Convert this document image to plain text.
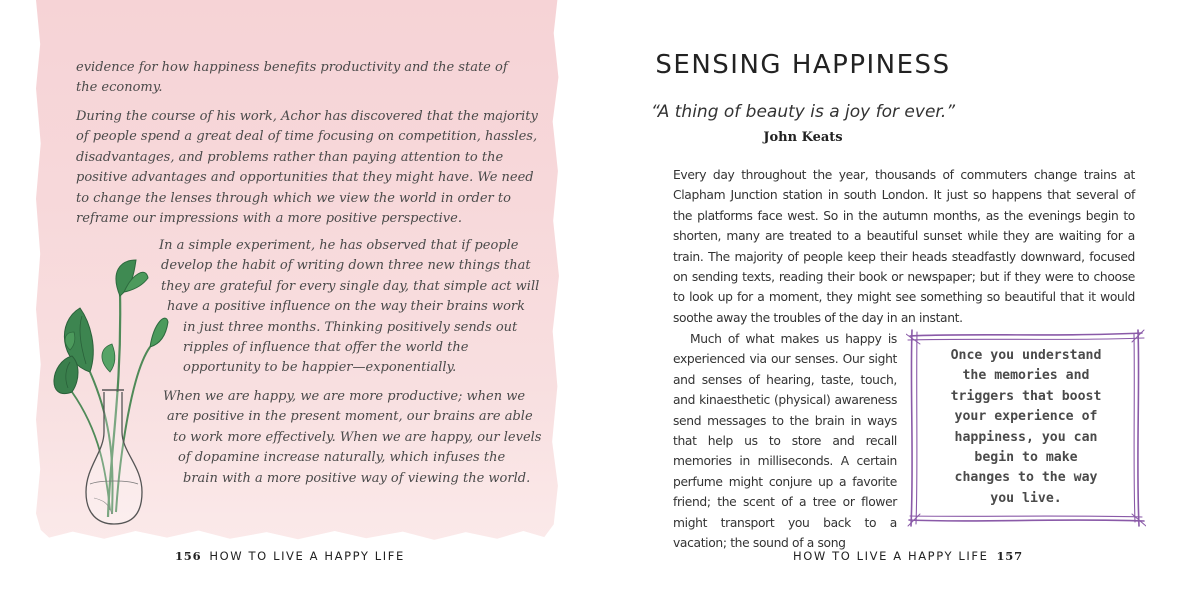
evidence for how happiness benefits productivity and the state of
the economy.
During the course of his work, Achor has discovered that the majority
of people spend a great deal of time focusing on competition, hassles,
disadvantages, and problems rather than paying attention to the
positive advantages and opportunities that they might have. We need
to change the lenses through which we view the world in order to
reframe our impressions with a more positive perspective.
In a simple experiment, he has observed that if people
develop the habit of writing down three new things that
they are grateful for every single day, that simple act will
have a positive influence on the way their brains work
in just three months. Thinking positively sends out
ripples of influence that offer the world the
opportunity to be happier—exponentially.
When we are happy, we are more productive; when we
are positive in the present moment, our brains are able
to work more effectively. When we are happy, our levels
of dopamine increase naturally, which infuses the
brain with a more positive way of viewing the world.
156 HOW TO LIVE A HAPPY LIFE
SENSING HAPPINESS

“A thing of beauty is a joy for ever.”

John Keats

Every day throughout the year, thousands of commuters change trains at Clapham Junction station in south London. It just so happens that several of the platforms face west. So in the autumn months, as the evenings begin to shorten, many are treated to a beautiful sunset while they are waiting for a train. The majority of people keep their heads steadfastly downward, focused on sending texts, reading their book or newspaper; but if they were to choose to look up for a moment, they might see something so beautiful that it would soothe away the troubles of the day in an instant.

Much of what makes us happy is experienced via our senses. Our sight and senses of hearing, taste, touch, and kinaesthetic (physical) awareness send messages to the brain in ways that help us to store and recall memories in milliseconds. A certain perfume might conjure up a favorite friend; the scent of a tree or flower might transport you back to a vacation; the sound of a song

Once you understand
the memories and
triggers that boost
your experience of
happiness, you can
begin to make
changes to the way
you live.
HOW TO LIVE A HAPPY LIFE 157
